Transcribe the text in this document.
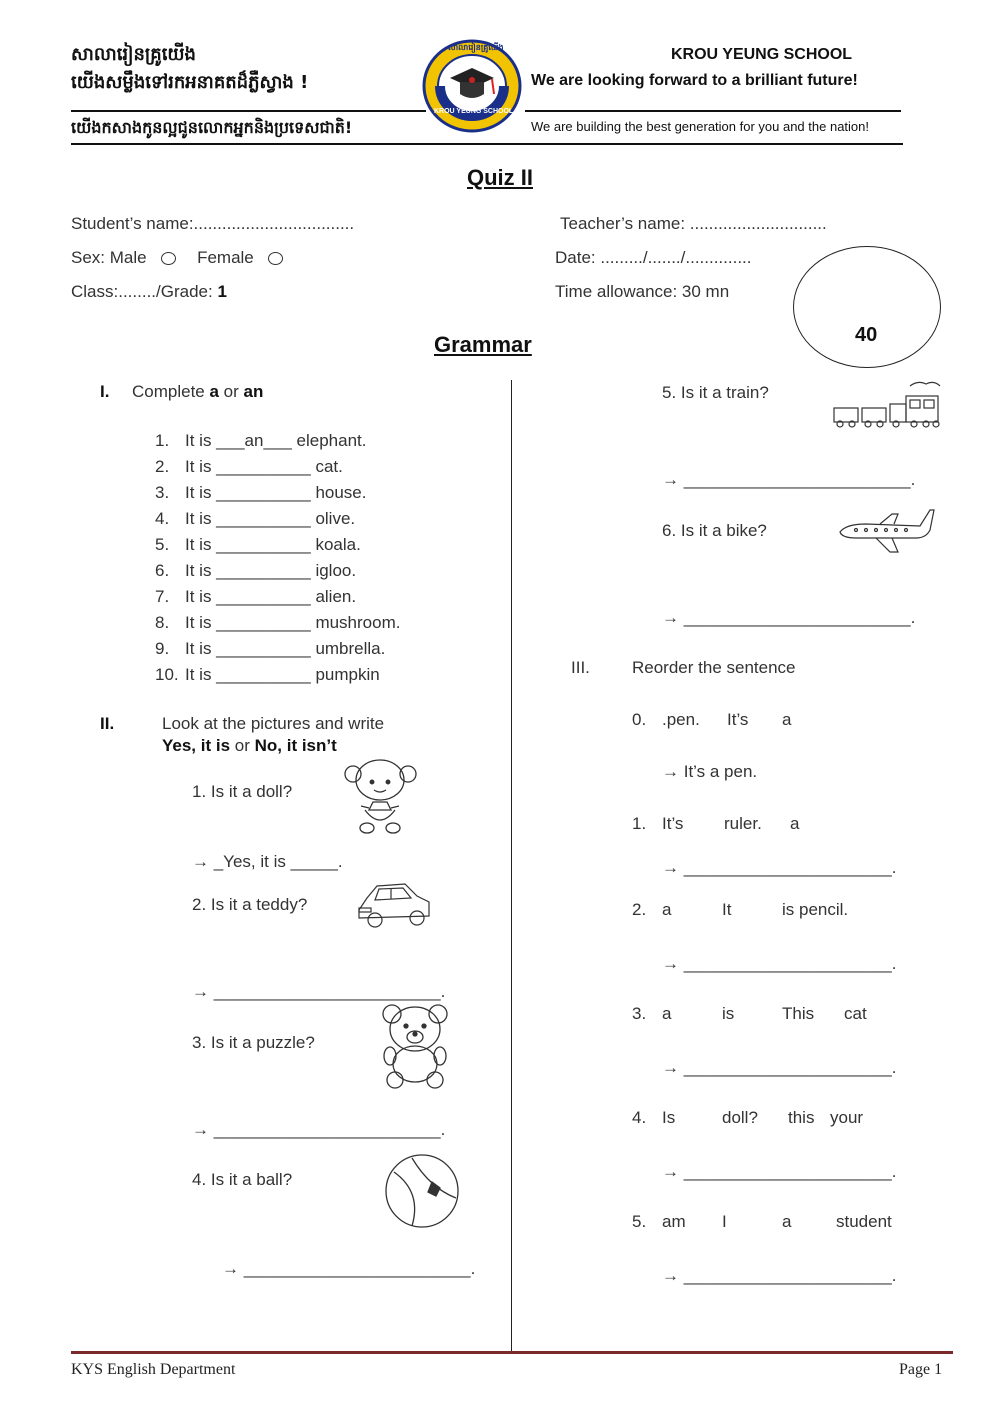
សាលារៀនគ្រូយើង
យើងសម្លឹងទៅរកអនាគតដ៏ភ្លឺស្វាង !
យើងកសាងកូនល្អជូនលោកអ្នកនិងប្រទេសជាតិ!
KROU YEUNG SCHOOL
We are looking forward to a brilliant future!
We are building the best generation for you and the nation!
សាលារៀនគ្រូយើង
KROU YEUNG SCHOOL
Quiz II
Student’s name:..................................	Teacher’s name: .............................
Sex: Male	Female	Date: ........./......./..............
Class:......../Grade: 1	Time allowance: 30 mn
40
Grammar
I. Complete a or an
1. It is ___an___ elephant.
2. It is __________ cat.
3. It is __________ house.
4. It is __________ olive.
5. It is __________ koala.
6. It is __________ igloo.
7. It is __________ alien.
8. It is __________ mushroom.
9. It is __________ umbrella.
10. It is __________ pumpkin
II.	Look at the pictures and write
Yes, it is or No, it isn’t
1. Is it a doll?
→ _Yes, it is _____.
2. Is it a teddy?
→ ________________________.
3. Is it a puzzle?
→ ________________________.
4. Is it a ball?
→ ________________________.
5. Is it a train?
→ ________________________.
6. Is it a bike?
→ ________________________.
III. Reorder the sentence
0. .pen. It’s a
→ It’s a pen.
1. It’s ruler. a
→ ______________________.
2. a	It	is pencil.
→ ______________________.
3. a	is	This cat
→ ______________________.
4. Is	doll? this your
→ ______________________.
5. am I	a	student
→ ______________________.
KYS English Department	Page 1
